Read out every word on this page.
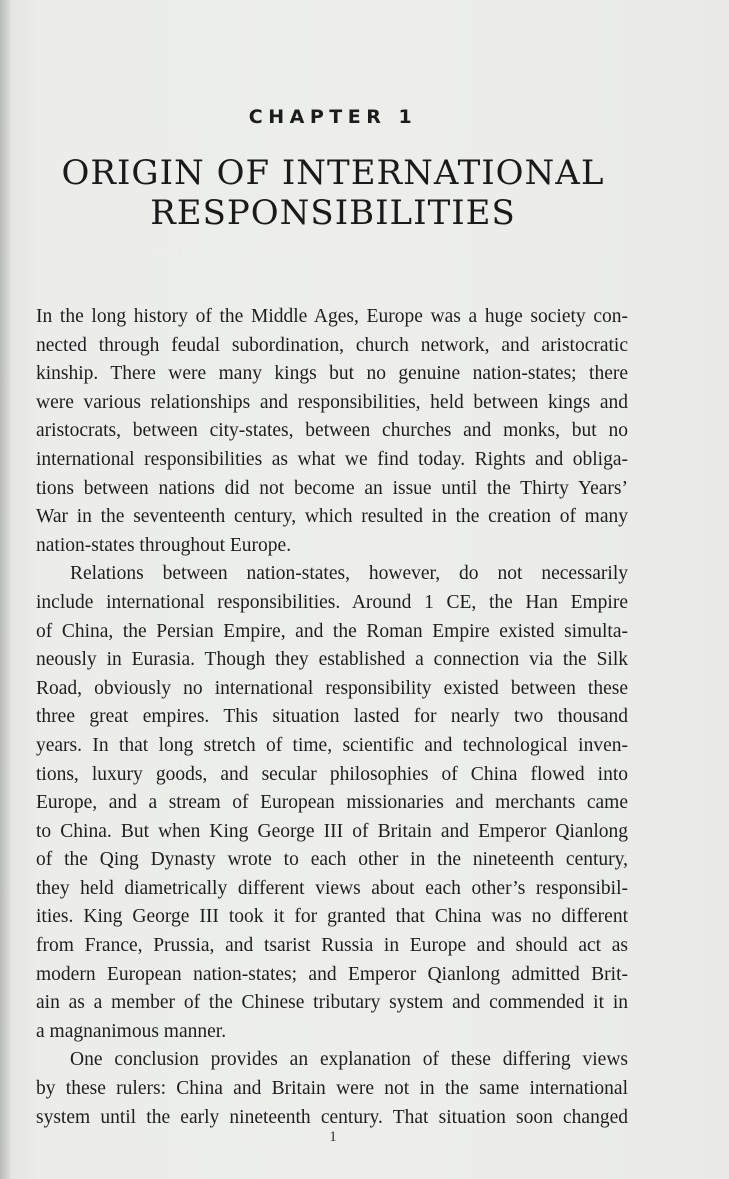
CHAPTER 1
ORIGIN OF INTERNATIONAL
RESPONSIBILITIES
In the long history of the Middle Ages, Europe was a huge society con-
nected through feudal subordination, church network, and aristocratic
kinship. There were many kings but no genuine nation-states; there
were various relationships and responsibilities, held between kings and
aristocrats, between city-states, between churches and monks, but no
international responsibilities as what we find today. Rights and obliga-
tions between nations did not become an issue until the Thirty Years’
War in the seventeenth century, which resulted in the creation of many
nation-states throughout Europe.
Relations between nation-states, however, do not necessarily
include international responsibilities. Around 1 CE, the Han Empire
of China, the Persian Empire, and the Roman Empire existed simulta-
neously in Eurasia. Though they established a connection via the Silk
Road, obviously no international responsibility existed between these
three great empires. This situation lasted for nearly two thousand
years. In that long stretch of time, scientific and technological inven-
tions, luxury goods, and secular philosophies of China flowed into
Europe, and a stream of European missionaries and merchants came
to China. But when King George III of Britain and Emperor Qianlong
of the Qing Dynasty wrote to each other in the nineteenth century,
they held diametrically different views about each other’s responsibil-
ities. King George III took it for granted that China was no different
from France, Prussia, and tsarist Russia in Europe and should act as
modern European nation-states; and Emperor Qianlong admitted Brit-
ain as a member of the Chinese tributary system and commended it in
a magnanimous manner.
One conclusion provides an explanation of these differing views
by these rulers: China and Britain were not in the same international
system until the early nineteenth century. That situation soon changed
1
